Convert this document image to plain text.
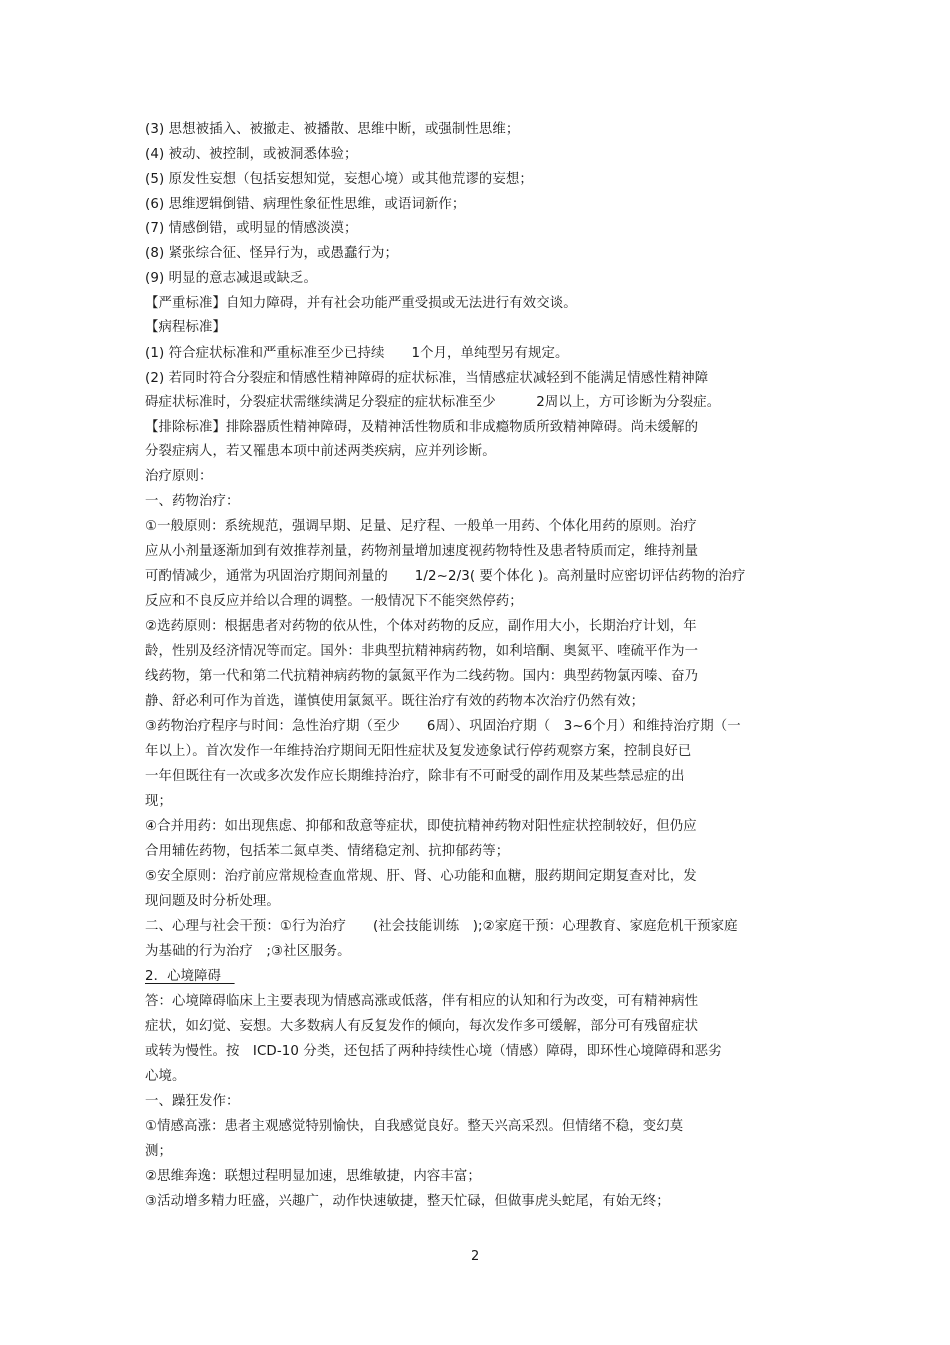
(3) 思想被插入、被撤走、被播散、思维中断，或强制性思维；
(4) 被动、被控制，或被洞悉体验；
(5) 原发性妄想（包括妄想知觉，妄想心境）或其他荒谬的妄想；
(6) 思维逻辑倒错、病理性象征性思维，或语词新作；
(7) 情感倒错，或明显的情感淡漠；
(8) 紧张综合征、怪异行为，或愚蠢行为；
(9) 明显的意志减退或缺乏。
【严重标准】自知力障碍，并有社会功能严重受损或无法进行有效交谈。
【病程标准】
(1) 符合症状标准和严重标准至少已持续　　1个月，单纯型另有规定。
(2) 若同时符合分裂症和情感性精神障碍的症状标准，当情感症状减轻到不能满足情感性精神障
碍症状标准时，分裂症状需继续满足分裂症的症状标准至少　　　2周以上，方可诊断为分裂症。
【排除标准】排除器质性精神障碍，及精神活性物质和非成瘾物质所致精神障碍。尚未缓解的
分裂症病人，若又罹患本项中前述两类疾病，应并列诊断。
治疗原则：
一、药物治疗：
①一般原则：系统规范，强调早期、足量、足疗程、一般单一用药、个体化用药的原则。治疗
应从小剂量逐渐加到有效推荐剂量，药物剂量增加速度视药物特性及患者特质而定，维持剂量
可酌情减少，通常为巩固治疗期间剂量的　　1/2~2/3( 要个体化 )。高剂量时应密切评估药物的治疗
反应和不良反应并给以合理的调整。一般情况下不能突然停药；
②选药原则：根据患者对药物的依从性，个体对药物的反应，副作用大小，长期治疗计划，年
龄，性别及经济情况等而定。国外：非典型抗精神病药物，如利培酮、奥氮平、喹硫平作为一
线药物，第一代和第二代抗精神病药物的氯氮平作为二线药物。国内：典型药物氯丙嗪、奋乃
静、舒必利可作为首选，谨慎使用氯氮平。既往治疗有效的药物本次治疗仍然有效；
③药物治疗程序与时间：急性治疗期（至少　　6周）、巩固治疗期（　3~6个月）和维持治疗期（一
年以上）。首次发作一年维持治疗期间无阳性症状及复发迹象试行停药观察方案，控制良好已
一年但既往有一次或多次发作应长期维持治疗，除非有不可耐受的副作用及某些禁忌症的出
现；
④合并用药：如出现焦虑、抑郁和敌意等症状，即使抗精神药物对阳性症状控制较好，但仍应
合用辅佐药物，包括苯二氮卓类、情绪稳定剂、抗抑郁药等；
⑤安全原则：治疗前应常规检查血常规、肝、肾、心功能和血糖，服药期间定期复查对比，发
现问题及时分析处理。
二、心理与社会干预：①行为治疗　　(社会技能训练　);②家庭干预：心理教育、家庭危机干预家庭
为基础的行为治疗　;③社区服务。
2．心境障碍　
答：心境障碍临床上主要表现为情感高涨或低落，伴有相应的认知和行为改变，可有精神病性
症状，如幻觉、妄想。大多数病人有反复发作的倾向，每次发作多可缓解，部分可有残留症状
或转为慢性。按　ICD-10 分类，还包括了两种持续性心境（情感）障碍，即环性心境障碍和恶劣
心境。
一、躁狂发作：
①情感高涨：患者主观感觉特别愉快，自我感觉良好。整天兴高采烈。但情绪不稳，变幻莫
测；
②思维奔逸：联想过程明显加速，思维敏捷，内容丰富；
③活动增多精力旺盛，兴趣广，动作快速敏捷，整天忙碌，但做事虎头蛇尾，有始无终；
2
